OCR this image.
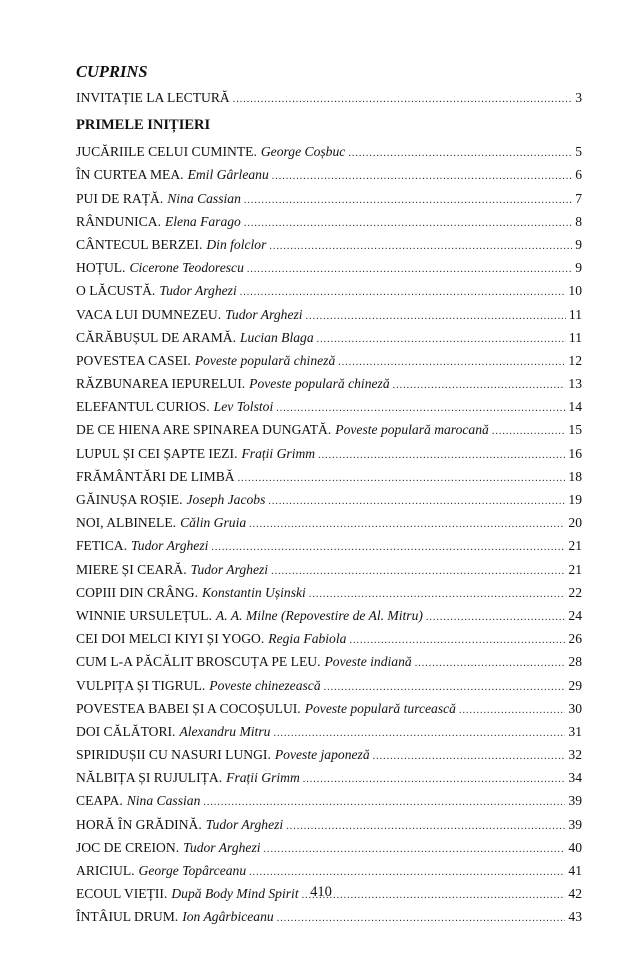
CUPRINS
INVITAȚIE LA LECTURĂ .....	3
PRIMELE INIȚIERI
JUCĂRIILE CELUI CUMINTE. George Coșbuc .....	5
ÎN CURTEA MEA. Emil Gârleanu .....	6
PUI DE RAȚĂ. Nina Cassian .....	7
RÂNDUNICA. Elena Farago .....	8
CÂNTECUL BERZEI. Din folclor .....	9
HOȚUL. Cicerone Teodorescu .....	9
O LĂCUSTĂ. Tudor Arghezi .....	10
VACA LUI DUMNEZEU. Tudor Arghezi .....	11
CĂRĂBUȘUL DE ARAMĂ. Lucian Blaga .....	11
POVESTEA CASEI. Poveste populară chineză .....	12
RĂZBUNAREA IEPURELUI. Poveste populară chineză .....	13
ELEFANTUL CURIOS. Lev Tolstoi .....	14
DE CE HIENA ARE SPINAREA DUNGATĂ. Poveste populară marocană .....	15
LUPUL ȘI CEI ȘAPTE IEZI. Frații Grimm .....	16
FRĂMÂNTĂRI DE LIMBĂ .....	18
GĂINUȘA ROȘIE. Joseph Jacobs .....	19
NOI, ALBINELE. Călin Gruia .....	20
FETICA. Tudor Arghezi .....	21
MIERE ȘI CEARĂ. Tudor Arghezi .....	21
COPIII DIN CRÂNG. Konstantin Ușinski .....	22
WINNIE URSULEȚUL. A. A. Milne (Repovestire de Al. Mitru) .....	24
CEI DOI MELCI KIYI ȘI YOGO. Regia Fabiola .....	26
CUM L-A PĂCĂLIT BROSCUȚA PE LEU. Poveste indiană .....	28
VULPIȚA ȘI TIGRUL. Poveste chinezească .....	29
POVESTEA BABEI ȘI A COCOȘULUI. Poveste populară turcească .....	30
DOI CĂLĂTORI. Alexandru Mitru .....	31
SPIRIDUȘII CU NASURI LUNGI. Poveste japoneză .....	32
NĂLBIȚA ȘI RUJULIȚA. Frații Grimm .....	34
CEAPA. Nina Cassian .....	39
HORĂ ÎN GRĂDINĂ. Tudor Arghezi .....	39
JOC DE CREION. Tudor Arghezi .....	40
ARICIUL. George Topârceanu .....	41
ECOUL VIEȚII. După Body Mind Spirit .....	42
ÎNTÂIUL DRUM. Ion Agârbiceanu .....	43
410
